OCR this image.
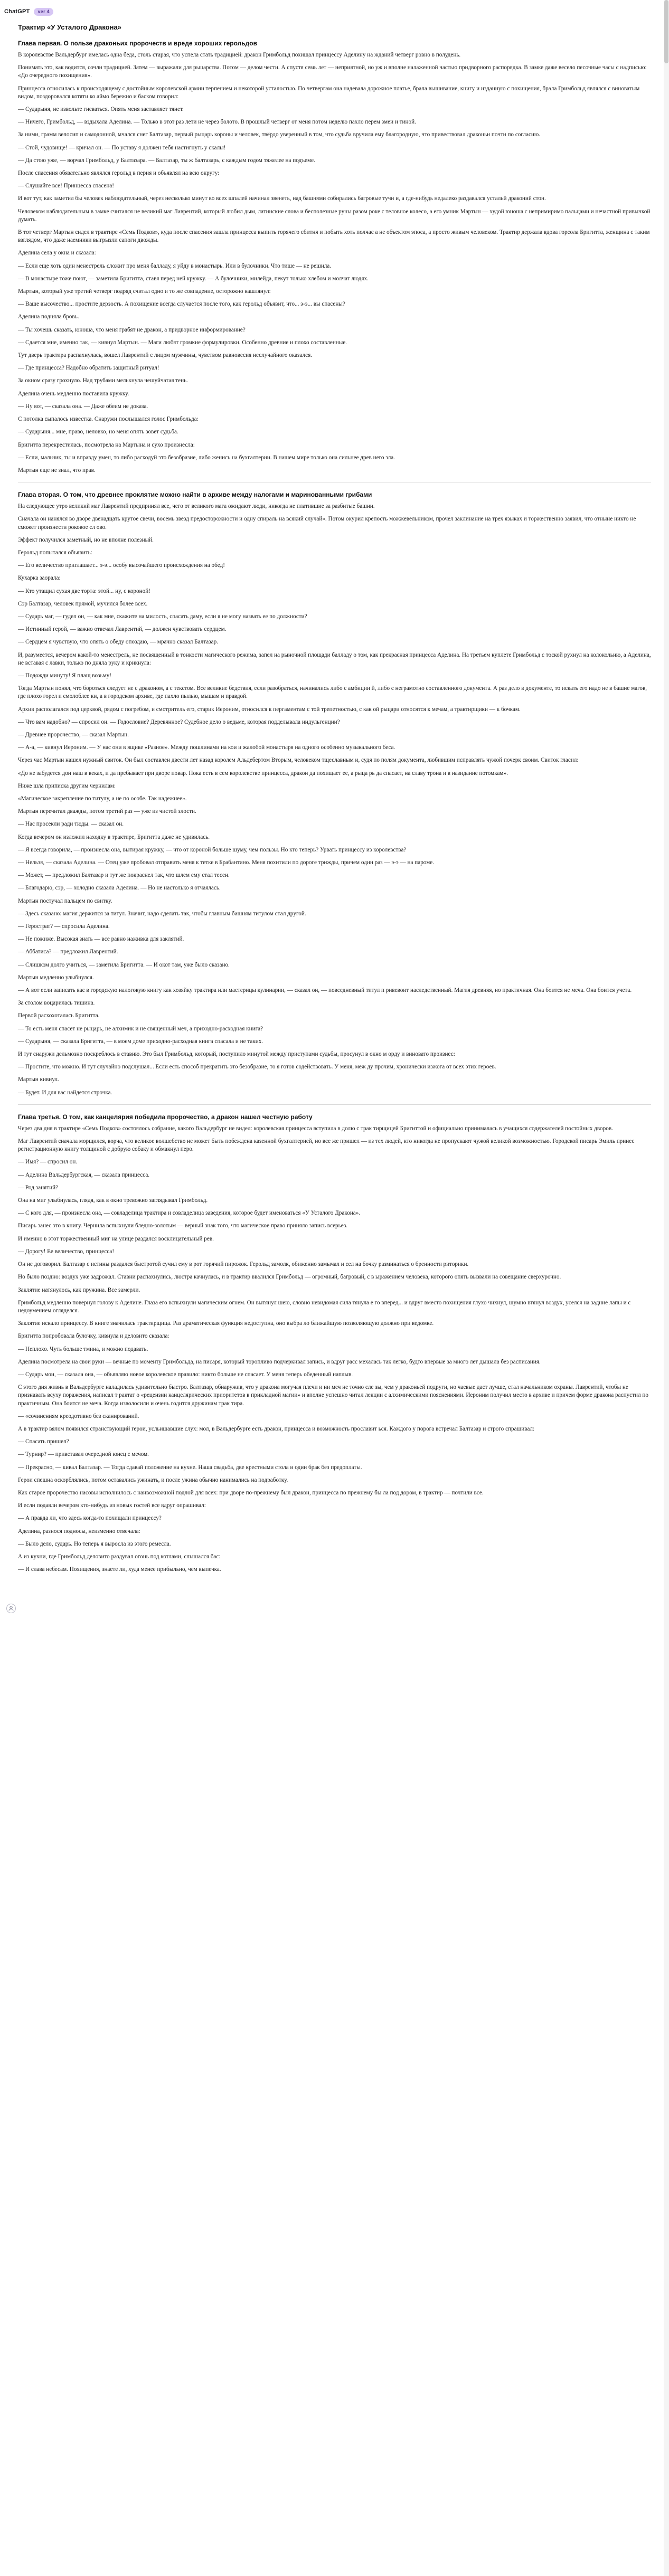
ChatGPT	ver 4
Трактир «У Усталого Дракона»
Глава первая. О пользе драконьих пророчеств и вреде хороших герольдов

В королевстве Вальдербург имелась одна беда, столь старая, что успела стать традицией: дракон Гримбольд похищал принцессу Аделину на жданий четверг ровно в полудень.

Понимать это, как водится, сочли традицией. Затем — выражали для рыцарства. Потом — делом чести. А спустя семь лет — неприятной, но уж и вполне налаженной частью придворного распорядка. В замке даже весело песочные часы с надписью: «До очередного похищения».

Принцесса относилась к происходящему с достойным королевской армии терпением и некоторой усталостью. По четвергам она надевала дорожное платье, брала вышивание, книгу и изданную с похищения, брала Гримбольд являлся с виноватым видом, поздоровался котяти ко аймо бережно и баском говорил:

— Сударыня, не извольте гневаться. Опять меня заставляет тянет.

— Ничего, Гримбольд, — вздыхала Аделина. — Только в этот раз лети не через болото. В прошлый четверг от меня потом неделю пахло перем змеи и тиной.

За ними, грамм велосип и самодонной, мчался снег Балтазар, первый рыцарь короны и человек, твёрдо уверенный в том, что судьба вручила ему благородную, что привествовал драконьи почти по согласию.

— Стой, чудовище! — кричал он. — По уставу я должен тебя настигнуть у скалы!

— Да стою уже, — ворчал Гримбольд, у Балтазара. — Балтазар, ты ж балтазарь, с каждым годом тяжелее на подъеме.

После спасения обязательно являлся герольд в перия и объявлял на всю округу:

— Слушайте все! Принцесса спасена!

И вот тут, как заметил бы человек наблюдательный, через несколько минут во всех шпалей начинал звенеть, над башнями собирались багровые тучи и, а где-нибудь недалеко раздавался устальй драконий стон.

Человеком наблюдательным в замке считался не великий маг Лаврентий, который любил дым, латинские слова и бесполезные руны разом роке с теловное колесо, а его умник Мартын — худой юноша с непримиримо пальцами и нечастной привычкой думать.

В тот четверг Мартын сидел в трактире «Семь Подков», куда после спасения зашла принцесса выпить горячего сбитня и побыть хоть полчас а не объектом эпоса, а просто живым человеком. Трактир держала вдова горсола Бригитта, женщина с таким взглядом, что даже наемники выгрызли сапоги двожды.

Аделина села у окна и сказала:

— Если еще хоть один менестрель сложит про меня балладу, я уйду в монастырь. Или в булочники. Что тише — не решила.

— В монастыре тоже поют, — заметила Бригитта, ставя перед ней кружку. — А булочники, милейда, пекут только хлебом и молчат людях.

Мартын, который уже третий четверг подряд считал одно и то же совпадение, осторожно кашлянул:

— Ваше высочество... простите дерзость. А похищение всегда случается после того, как герольд объявит, что... э-э... вы спасены?

Аделина подняла бровь.

— Ты хочешь сказать, юноша, что меня грабят не дракон, а придворное информирование?

— Сдается мне, именно так, — кивнул Мартын. — Маги любят громкие формулировки. Особенно древние и плохо составленные.

Тут дверь трактира распахнулась, вошел Лаврентий с лицом мужчины, чувством равновесия неслучайного оказался.

— Где принцесса? Надобно обратить защитный ритуал!

За окном сразу грохнуло. Над трубами мелькнула чешуйчатая тень.

Аделина очень медленно поставила кружку.

— Ну вот, — сказала она. — Даже обеим не доказа.

С потолка сыпалось известка. Снаружи послышался голос Гримбольда:

— Сударыня... мне, право, неловко, но меня опять зовет судьба.

Бригитта перекрестилась, посмотрела на Мартына и сухо произнесла:

— Если, мальчик, ты и вправду умен, то либо расходуй это безобразие, либо женись на бухгалтерии. В нашем мире только она сильнее древ него зла.

Мартын еще не знал, что прав.

Глава вторая. О том, что древнее проклятие можно найти в архиве между налогами и маринованными грибами

На следующее утро великий маг Лаврентий предпринял все, чего от великого мага ожидают люди, никогда не платившие за разбитые башни.

Сначала он нанялся во дворе двенадцать крутое свечи, восемь звезд предосторожности и одну спираль на всякий случай». Потом окурил крепость можжевельником, прочел заклинание на трех языках и торжественно заявил, что отныне никто не сможет произнести роковое сл ово.

Эффект получился заметный, но не вполне полезный.

Герольд попытался объявить:

— Его величество приглашает... э-э... особу высочайшего происхождения на обед!

Кухарка заорала:

— Кто утащил сухая две торта: этой... ну, с короной!

Сэр Балтазар, человек прямой, мучился более всех.

— Сударь маг, — гудел он, — как мне, скажите на милость, спасать даму, если я не могу назвать ее по должности?

— Истинный герой, — важно отвечал Лаврентий, — должен чувствовать сердцем.

— Сердцем я чувствую, что опять о обеду опоздаю, — мрачно сказал Балтазар.

И, разумеется, вечером какой-то менестрель, не посвященный в тонкости магического режима, запел на рыночной площади балладу о том, как прекрасная принцесса Аделина. На третьем куплете Гримбольд с тоской рухнул на колокольню, а Аделина, не вставая с лавки, только по дняла руку и крикнула:

— Подожди минуту! Я плащ возьму!

Тогда Мартын понял, что бороться следует не с драконом, а с текстом. Все великие бедствия, если разобраться, начинались либо с амбиции й, либо с неграмотно составленного документа. А раз дело в документе, то искать его надо не в башне магов, где плохо горел и смолоблее ки, а в городском архиве, где пахло пылью, мышам и правдой.

Архив располагался под церквой, рядом с погребом, и смотритель его, старик Иероним, относился к пергаментам с той трепетностью, с как ой рыцари относятся к мечам, а трактирщики — к бочкам.

— Что вам надобно? — спросил он. — Годословие? Деревянное? Судебное дело о ведьме, которая подделывала индульгенции?

— Древнее пророчество, — сказал Мартын.

— А-а, — кивнул Иероним. — У нас они в ящике «Разное». Между пошлинами на кои и жалобой монастыря на одного особенно музыкального беса.

Через час Мартын нашел нужный свиток. Он был составлен двести лет назад королем Альдебертом Вторым, человеком тщеславным и, судя по полям документа, любившим исправлять чужой почерк своим. Свиток гласил:

«До не забудется дон наш в веках, и да пребывает при дворе повар. Пока есть в сем королевстве принцесса, дракон да похищает ее, а рыца рь да спасает, на славу трона и в назидание потомкам».

Ниже шла приписка другим чернилам:

«Магическое закрепление по титулу, а не по особе. Так надежнее».

Мартын перечитал дважды, потом третий раз — уже из чистой злости.

— Нас просекли ради тюды. — сказал он.

Когда вечером он изложил находку в трактире, Бригитта даже не удивилась.

— Я всегда говорила, — произнесла она, вытирая кружку, — что от короной больше шуму, чем пользы. Но кто теперь? Урвать принцессу из королевства?

— Нельзя, — сказала Аделина. — Отец уже пробовал отправить меня к тетке в Брабантино. Меня похитили по дороге трижды, причем один раз — э-э — на пароме.

— Может, — предложил Балтазар и тут же покраснел так, что шлем ему стал тесен.

— Благодарю, сэр, — холодно сказала Аделина. — Но не настолько я отчаялась.

Мартын постучал пальцем по свитку.

— Здесь сказано: магия держится за титул. Значит, надо сделать так, чтобы главным башням титулом стал другой.

— Герострат? — спросила Аделина.

— Не пожиже. Высокая знать — все равно наживка для заклятий.

— Аббатиса? — предложил Лаврентий.

— Слишком долго учиться, — заметила Бригитта. — И окот там, уже было сказано.

Мартын медленно улыбнулся.

— А вот если записать вас в городскую налоговую книгу как хозяйку трактира или мастерицы кулинарии, — сказал он, — повседневный титул п ривевоит наследственный. Магия древняя, но практичная. Она боится не меча. Она боится учета.

За столом воцарилась тишина.

Первой расхохоталась Бригитта.

— То есть меня спасет не рыцарь, не алхимик и не священный меч, а приходно-расходная книга?

— Сударыня, — сказала Бригитта, — в моем доме приходно-расходная книга спасала и не таких.

И тут снаружи дельмозно поскреблось в ставню. Это был Гримбольд, который, поступило минутой между приступами судьбы, просунул в окно м орду и виновато произнес:

— Простите, что можно. И тут случайно подслушал... Если есть способ прекратить это безобразие, то я готов содействовать. У меня, меж ду прочим, хронически изжога от всех этих героев.

Мартын кивнул.

— Будет. И для вас найдется строчка.

Глава третья. О том, как канцелярия победила пророчество, а дракон нашел честную работу

Через два дня в трактире «Семь Подков» состоялось собрание, какого Вальдербург не видел: королевская принцесса вступила в долю с трак тирщицей Бригиттой и официально принималась в учащихся содержателей постойных дворов.

Маг Лаврентий сначала морщился, ворча, что великое волшебство не может быть побеждена казенной бухгалтерией, но все же пришел — из тех людей, кто никогда не пропускают чужой великой возможностью. Городской писарь Эмиль принес регистрационную книгу толщиной с добрую собаку и обмакнул перо.

— Имя? — спросил он.

— Аделина Вальдербургская, — сказала принцесса.

— Род занятий?

Она на миг улыбнулась, глядя, как в окно тревожно заглядывал Гримбольд.

— С кого для, — произнесла она, — совладелица трактира и совладелица заведения, которое будет именоваться «У Усталого Дракона».

Писарь занес это в книгу. Чернила вспыхнули бледно-золотым — верный знак того, что магическое право приняло запись всерьез.

И именно в этот торжественный миг на улице раздался восклицательный рев.

— Дорогу! Ее величество, принцесса!

Он не договорил. Балтазар с истины раздался быстротой сучил ему в рот горячий пирожок. Герольд замолк, обиженно замычал и сел на бочку разминаться о бренности риторики.

Но было поздно: воздух уже задрожал. Ставни распахнулись, люстра качнулась, и в трактир ввалился Гримбольд — огромный, багровый, с в ыражением человека, которого опять вызвали на совещание сверхурочно.

Заклятие натянулось, как пружина. Все замерли.

Гримбольд медленно повернул голову к Аделине. Глаза его вспыхнули магическим огнем. Он вытянул шею, словно невидомая сила тянула е го вперед... и вдруг вместо похищения глухо чихнул, шумно втянул воздух, уселся на задние лапы и с недоумением огляделся.

Заклятие искало принцессу. В книге значилась трактирщица. Раз драматическая функция недоступна, оно выбра ло ближайшую позволяющую должно при ведомке.

Бригитта попробовала булочку, кивнула и деловито сказала:

— Неплохо. Чуть больше тмина, и можно подавать.

Аделина посмотрела на свои руки — вечные по моменту Гримбольда, на писаря, который торопливо подчеркивал запись, и вдруг расс мехалась так легко, будто впервые за много лет дышала без расписания.

— Сударь мои, — сказала она, — объявляю новое королевское правило: никто больше не спасает. У меня теперь обеденный наплыв.

С этого дня жизнь в Вальдербурге наладилась удивительно быстро. Балтазар, обнаружив, что у дракона могучая плечи и ни меч не точно сле зы, чем у драконьей подруги, но чаевые даст лучше, стал начальником охраны. Лаврентий, чтобы не признавать всуху поражения, написал т рактат о «рецензии канцелярических приоритетов в прикладной магии» и вполне успешно читал лекции с алхимическими пояснениями. Иероним получил место в архиве и причем форме дракона распустил по практичным. Она боится не меча. Когда изволосили и очень годится дружинам трак тира.

— «сочинениям креодотивно без сканирований.

А в трактир вялом появился странствующий герои, усльишавшие слух: мол, в Вальдербурге есть дракон, принцесса и возможность прославит ься. Каждого у порога встречал Балтазар и строго спрашивал:

— Спасать пришел?

— Турнир? — привставал очередной юнец с мечом.

— Прекрасно, — кивал Балтазар. — Тогда сдавай положение на кухне. Наша свадьба, две крестными стола и один брак без предоплаты.

Герои спешна оскорблялись, потом оставались ужинать, и после ужина обычно нанимались на подработку.

Как старое пророчество насовы исполнилось с наивозможной подлой для всех: при дворе по-прежнему был дракон, принцесса по прежнему бы ла под дором, в трактир — почтили все.

И если подавли вечером кто-нибудь из новых гостей все вдруг опрашивал:

— А правда ли, что здесь когда-то похищали принцессу?

Аделина, разнося подносы, неизменно отвечала:

— Было дело, сударь. Но теперь я выросла из этого ремесла.

А из кухни, где Гримбольд деловито раздувал огонь под котлами, слышался бас:

— И слава небесам. Похищения, знаете ли, худа менее прибыльно, чем выпечка.
